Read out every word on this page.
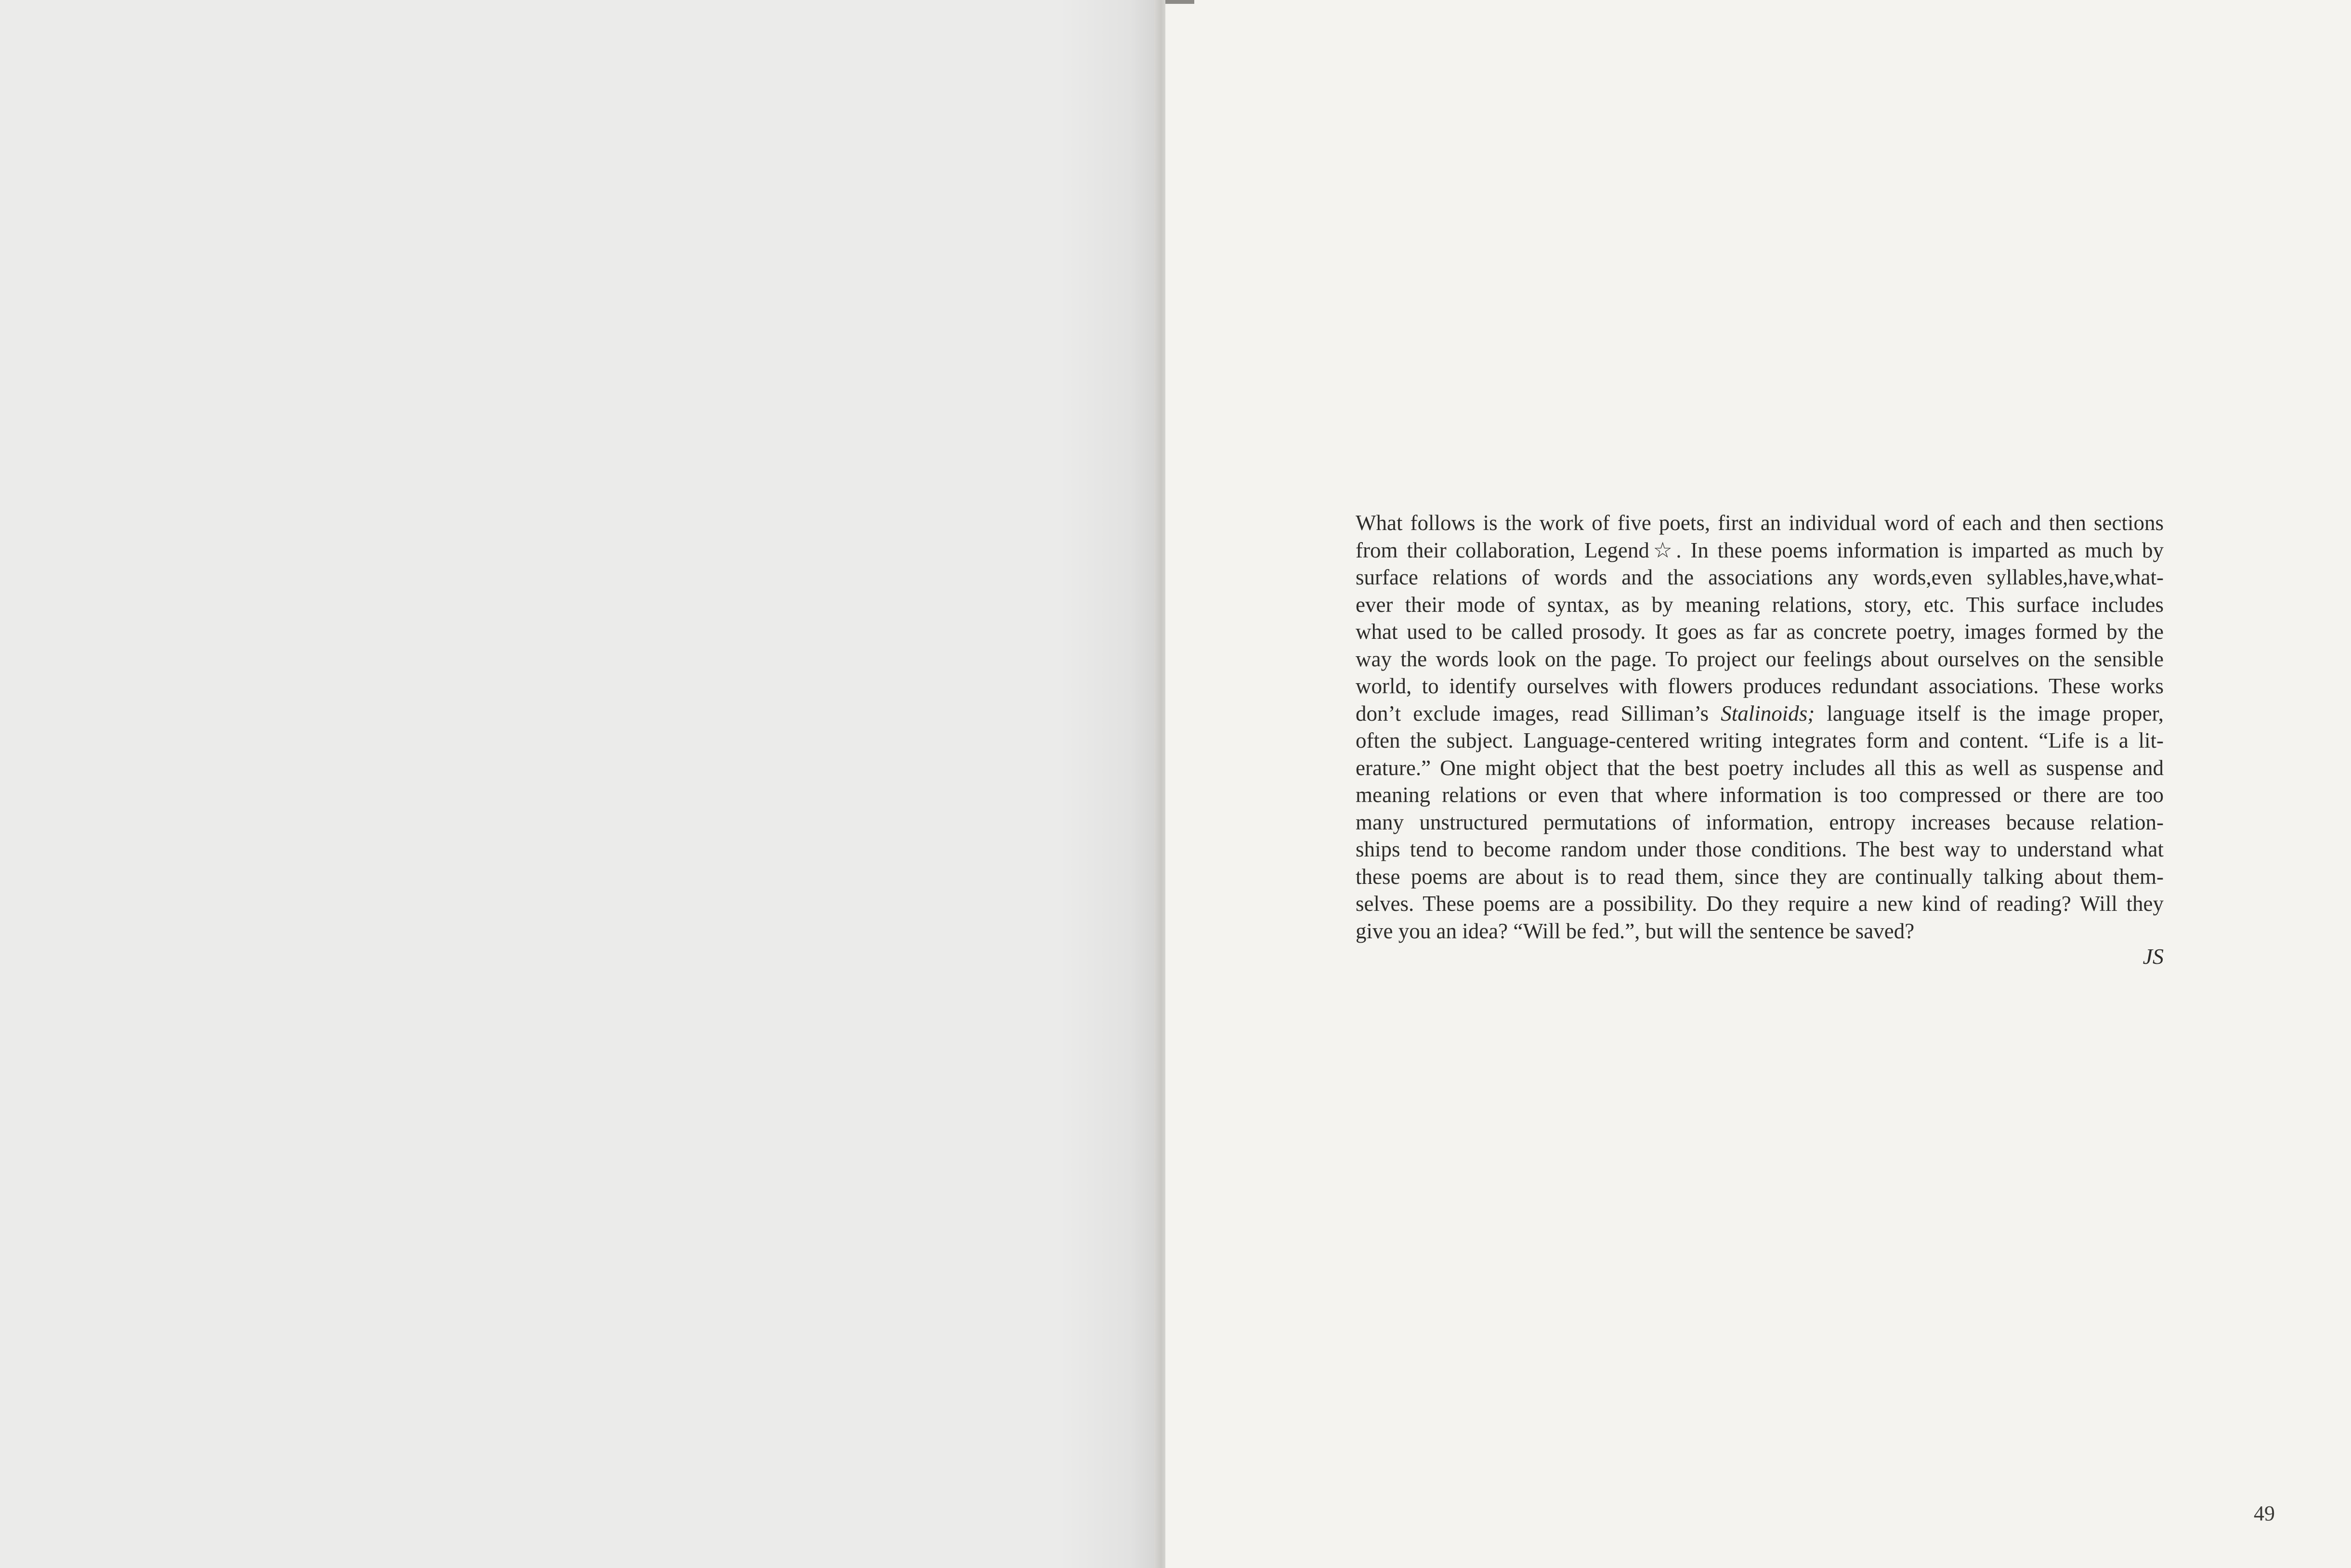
What follows is the work of five poets, first an individual word of each and then sections
from their collaboration, Legend☆. In these poems information is imparted as much by
surface relations of words and the associations any words,even syllables,have,what-
ever their mode of syntax, as by meaning relations, story, etc. This surface includes
what used to be called prosody. It goes as far as concrete poetry, images formed by the
way the words look on the page. To project our feelings about ourselves on the sensible
world, to identify ourselves with flowers produces redundant associations. These works
don’t exclude images, read Silliman’s Stalinoids; language itself is the image proper,
often the subject. Language-centered writing integrates form and content. “Life is a lit-
erature.” One might object that the best poetry includes all this as well as suspense and
meaning relations or even that where information is too compressed or there are too
many unstructured permutations of information, entropy increases because relation-
ships tend to become random under those conditions. The best way to understand what
these poems are about is to read them, since they are continually talking about them-
selves. These poems are a possibility. Do they require a new kind of reading? Will they
give you an idea? “Will be fed.”, but will the sentence be saved?

JS
49
